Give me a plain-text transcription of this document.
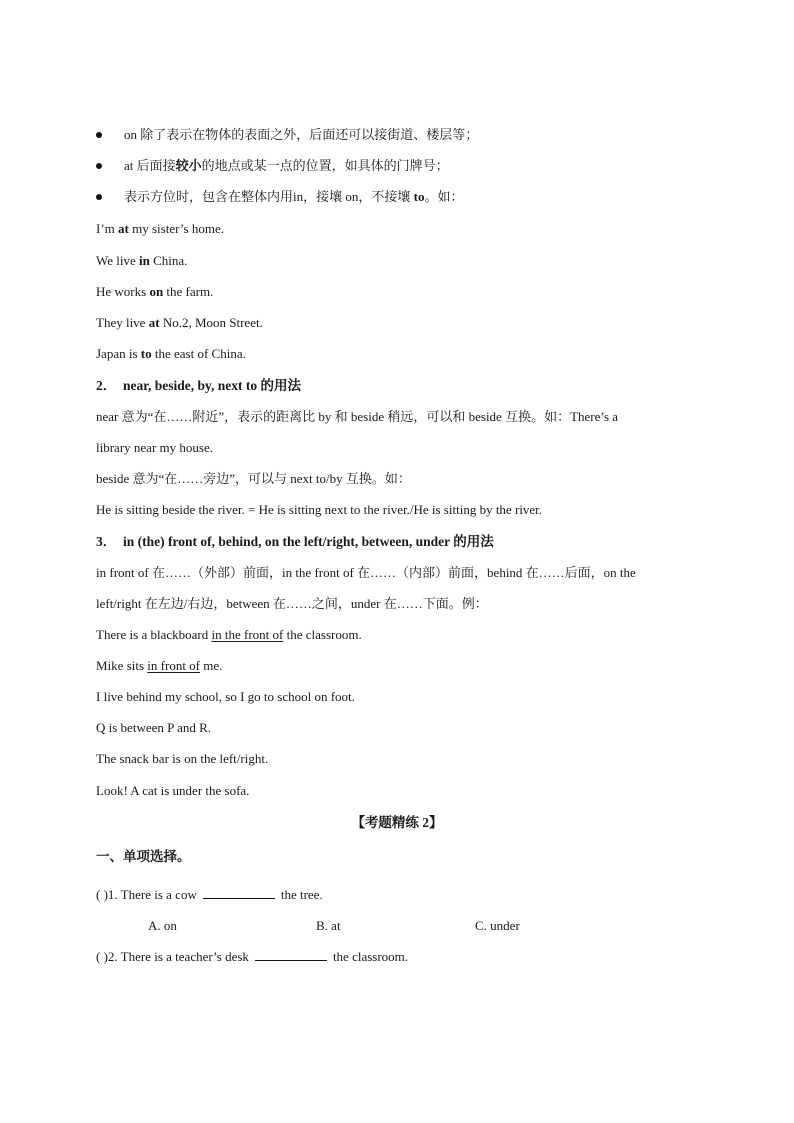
on 除了表示在物体的表面之外，后面还可以接街道、楼层等；
at 后面接较小的地点或某一点的位置，如具体的门牌号；
表示方位时，包含在整体内用in，接壤 on，不接壤 to。如：
I’m at my sister’s home.
We live in China.
He works on the farm.
They live at No.2, Moon Street.
Japan is to the east of China.
2． near, beside, by, next to 的用法
near 意为“在……附近”，表示的距离比 by 和 beside 稍远，可以和 beside 互换。如：There’s a
library near my house.
beside 意为“在……旁边”，可以与 next to/by 互换。如：
He is sitting beside the river. = He is sitting next to the river./He is sitting by the river.
3． in (the) front of, behind, on the left/right, between, under 的用法
in front of 在……（外部）前面，in the front of 在……（内部）前面，behind 在……后面，on the
left/right 在左边/右边，between 在……之间，under 在……下面。例：
There is a blackboard in the front of the classroom.
Mike sits in front of me.
I live behind my school, so I go to school on foot.
Q is between P and R.
The snack bar is on the left/right.
Look! A cat is under the sofa.
【考题精练 2】
一、单项选择。
( )1. There is a cow	the tree.
A. on	B. at	C. under
( )2. There is a teacher’s desk	the classroom.
